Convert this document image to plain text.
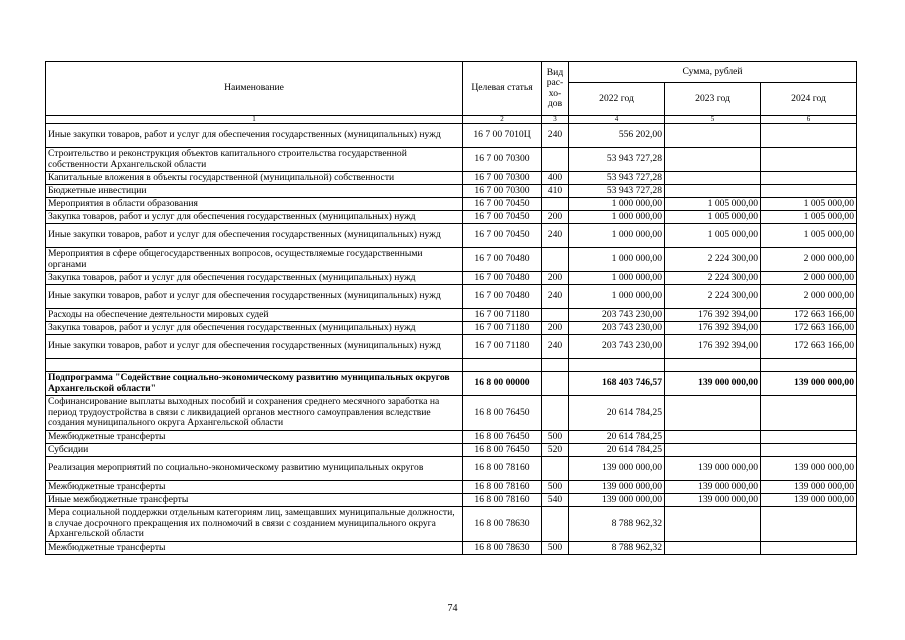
Наименование	Целевая статья	Вид рас-хо-дов	Сумма, рублей		
			2022 год	2023 год	2024 год
1	2	3	4	5	6
Иные закупки товаров, работ и услуг для обеспечения государственных (муниципальных) нужд	16 7 00 7010Ц	240	556 202,00		
Строительство и реконструкция объектов капитального строительства государственной собственности Архангельской области	16 7 00 70300		53 943 727,28		
Капитальные вложения в объекты государственной (муниципальной) собственности	16 7 00 70300	400	53 943 727,28		
Бюджетные инвестиции	16 7 00 70300	410	53 943 727,28		
Мероприятия в области образования	16 7 00 70450		1 000 000,00	1 005 000,00	1 005 000,00
Закупка товаров, работ и услуг для обеспечения государственных (муниципальных) нужд	16 7 00 70450	200	1 000 000,00	1 005 000,00	1 005 000,00
Иные закупки товаров, работ и услуг для обеспечения государственных (муниципальных) нужд	16 7 00 70450	240	1 000 000,00	1 005 000,00	1 005 000,00
Мероприятия в сфере общегосударственных вопросов, осуществляемые государственными органами	16 7 00 70480		1 000 000,00	2 224 300,00	2 000 000,00
Закупка товаров, работ и услуг для обеспечения государственных (муниципальных) нужд	16 7 00 70480	200	1 000 000,00	2 224 300,00	2 000 000,00
Иные закупки товаров, работ и услуг для обеспечения государственных (муниципальных) нужд	16 7 00 70480	240	1 000 000,00	2 224 300,00	2 000 000,00
Расходы на обеспечение деятельности мировых судей	16 7 00 71180		203 743 230,00	176 392 394,00	172 663 166,00
Закупка товаров, работ и услуг для обеспечения государственных (муниципальных) нужд	16 7 00 71180	200	203 743 230,00	176 392 394,00	172 663 166,00
Иные закупки товаров, работ и услуг для обеспечения государственных (муниципальных) нужд	16 7 00 71180	240	203 743 230,00	176 392 394,00	172 663 166,00

Подпрограмма "Содействие социально-экономическому развитию муниципальных округов Архангельской области"	16 8 00 00000		168 403 746,57	139 000 000,00	139 000 000,00
Софинансирование выплаты выходных пособий и сохранения среднего месячного заработка на период трудоустройства в связи с ликвидацией органов местного самоуправления вследствие создания муниципального округа Архангельской области	16 8 00 76450		20 614 784,25		
Межбюджетные трансферты	16 8 00 76450	500	20 614 784,25		
Субсидии	16 8 00 76450	520	20 614 784,25		
Реализация мероприятий по социально-экономическому развитию муниципальных округов	16 8 00 78160		139 000 000,00	139 000 000,00	139 000 000,00
Межбюджетные трансферты	16 8 00 78160	500	139 000 000,00	139 000 000,00	139 000 000,00
Иные межбюджетные трансферты	16 8 00 78160	540	139 000 000,00	139 000 000,00	139 000 000,00
Мера социальной поддержки отдельным категориям лиц, замещавших муниципальные должности, в случае досрочного прекращения их полномочий в связи с созданием муниципального округа Архангельской области	16 8 00 78630		8 788 962,32		
Межбюджетные трансферты	16 8 00 78630	500	8 788 962,32		
74
